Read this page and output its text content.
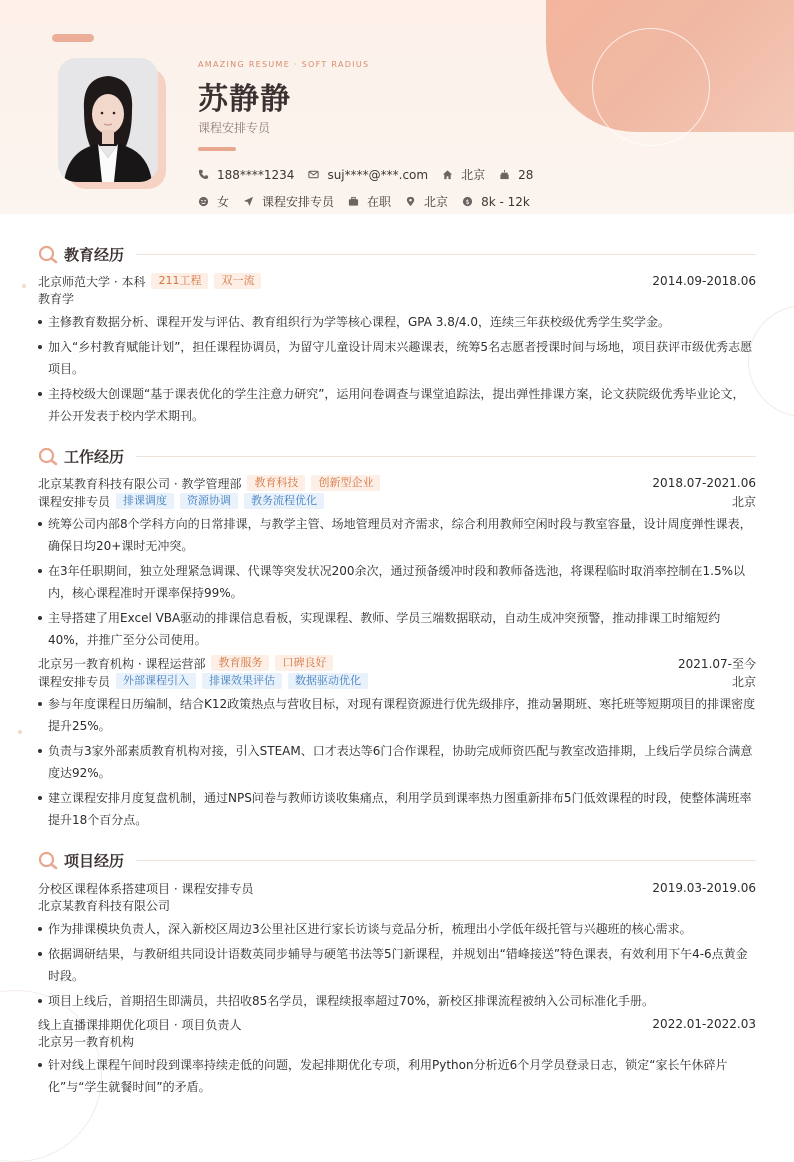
AMAZING RESUME · SOFT RADIUS
苏静静
课程安排专员
188****1234	suj****@***.com	北京	28
女	课程安排专员	在职	北京 $ 8k - 12k
教育经历
北京师范大学 · 本科	211工程	双一流	2014.09-2018.06
教育学
主修教育数据分析、课程开发与评估、教育组织行为学等核心课程，GPA 3.8/4.0，连续三年获校级优秀学生奖学金。
加入“乡村教育赋能计划”，担任课程协调员，为留守儿童设计周末兴趣课表，统筹5名志愿者授课时间与场地，项目获评市级优秀志愿项目。
主持校级大创课题“基于课表优化的学生注意力研究”，运用问卷调查与课堂追踪法，提出弹性排课方案，论文获院级优秀毕业论文，并公开发表于校内学术期刊。
工作经历
北京某教育科技有限公司 · 教学管理部	教育科技	创新型企业	2018.07-2021.06
课程安排专员	排课调度	资源协调	教务流程优化	北京
统筹公司内部8个学科方向的日常排课，与教学主管、场地管理员对齐需求，综合利用教师空闲时段与教室容量，设计周度弹性课表，确保日均20+课时无冲突。
在3年任职期间，独立处理紧急调课、代课等突发状况200余次，通过预备缓冲时段和教师备选池，将课程临时取消率控制在1.5%以内，核心课程准时开课率保持99%。
主导搭建了用Excel VBA驱动的排课信息看板，实现课程、教师、学员三端数据联动，自动生成冲突预警，推动排课工时缩短约40%，并推广至分公司使用。
北京另一教育机构 · 课程运营部	教育服务	口碑良好	2021.07-至今
课程安排专员	外部课程引入	排课效果评估	数据驱动优化	北京
参与年度课程日历编制，结合K12政策热点与营收目标，对现有课程资源进行优先级排序，推动暑期班、寒托班等短期项目的排课密度提升25%。
负责与3家外部素质教育机构对接，引入STEAM、口才表达等6门合作课程，协助完成师资匹配与教室改造排期，上线后学员综合满意度达92%。
建立课程安排月度复盘机制，通过NPS问卷与教师访谈收集痛点，利用学员到课率热力图重新排布5门低效课程的时段，使整体满班率提升18个百分点。
项目经历
分校区课程体系搭建项目 · 课程安排专员	2019.03-2019.06
北京某教育科技有限公司
作为排课模块负责人，深入新校区周边3公里社区进行家长访谈与竞品分析，梳理出小学低年级托管与兴趣班的核心需求。
依据调研结果，与教研组共同设计语数英同步辅导与硬笔书法等5门新课程，并规划出“错峰接送”特色课表，有效利用下午4-6点黄金时段。
项目上线后，首期招生即满员，共招收85名学员，课程续报率超过70%，新校区排课流程被纳入公司标准化手册。
线上直播课排期优化项目 · 项目负责人	2022.01-2022.03
北京另一教育机构
针对线上课程午间时段到课率持续走低的问题，发起排期优化专项，利用Python分析近6个月学员登录日志，锁定“家长午休碎片化”与“学生就餐时间”的矛盾。
